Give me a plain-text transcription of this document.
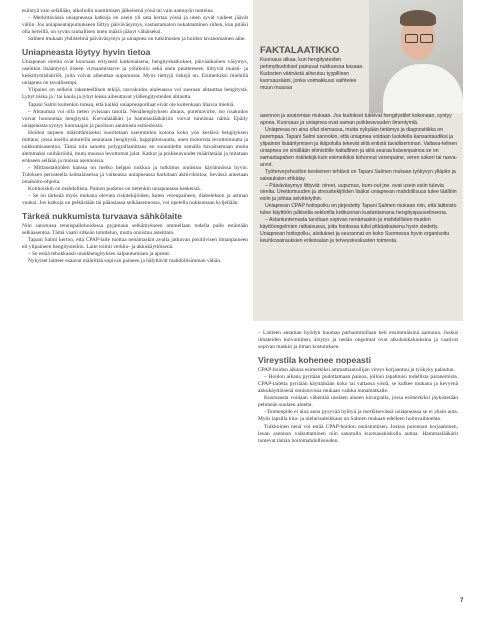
esiintyä vain selällään, alkoholin nauttimisen jälkeisenä yönä tai vain aamuyön tunteina.

– Merkittävässä uniapneassa katkoja on usein yli sata kertaa yössä ja unen syvät vaiheet jäävät väliin. Jos uniapneataipumukseen liittyy päiväväsymys, vastustamaton nukahtaminen siihen, kun pitäisi olla hereillä, on syvän rauhallisen unen määrä jäänyt vähäiseksi.

Salmen mukaan yhdistelmä päiväväsymys ja uniapnea on tutkimusten ja hoidon tavanomainen aihe.

Uniapneasta löytyy hyvin tietoa

Uniapnean oireita ovat kuorsaus eritysesti katkonaisena, hengityskatkokset, päiväaikainen väsymys, useinkin lisääntynyt öiseen virtsaamistarve ja yöhikoilu sekä unen puutteeseen liittyvät muisti- ja keskittymishäiriöt, joita voivat aiheuttaa uupumusta. Myös tiettyjä riskejä on. Esimerkiksi miehillä uniapnea on tavallisempi.

Ylipaino on selkein rakenteellinen tekijä, rasvakudos alaleuassa voi suoraan ahtauttaa hengitystä. Lyhyt niska ja / tai kaula ja lyhyt leuka aiheuttavat ylähengitysteiden ahtautta.

Tapani Salmi kuitenkin toteaa, että kaikki uniapneapotilaat eivät ole kuitenkaan lihavia miehiä.

– Ahtaumaa voi olla tieten yvissaan tasolla. Nenähengityksen ahtaus, puremavirhe, iso risakudos voivat huonontaa hengitystä. Korvalaääkäri ja hammaslääkäriiin voivat tunnistaa nämä. Epäily uniapneasta syntyy kuorsaajan ja puolison antamista esitiedoista.

Hoidon tarpeen määrittämiseksi suoritetaan useimmiten kotona koko yön kestävä hengityksen mittaus, jossa useilla antureilla seurataan hengitystä, happipitoisuutta, unen motorista levottomuutta ja nukkumisasentoa. Tämä niin sanottu polygrafiamittaus on suunniteltu samalla havaitsemaan muita alemmaksi unihäiriöitä, mutu muussa levottomat jalat. Katkot ja poikkeavuudet määritetään ja mitataan erikseen sellään ja muissa asennoissa.

– Mittaustaitoiden kanssa on melko helppo nukkua ja tutkimus onnistuu käytännössä hyvin. Tuloksen perusteella kohtalaisessa ja vaikeassa uniapneassa harkitaan aktiivihoitoa, lievässä annetaan omahoito-ohjeita.

Kotihoiskin on mahdollista. Painon pudotus on tietenkin uniapneassa keskeistä.

– Se on tärkeää myös mukana olevien riskitekijöiden, kuten verenpaineen, diabeteksen ja astman vuoksi. Jos katkoja on pelkästään tai pääasiassa selkäasennossa, voi opetella nukkumaan kyljellään.

Tärkeä nukkumista turvaava sähkölaite

Niin sanotussa tennispallohoidossa pyjamaun selkämykseen ommellaan todella pallo estämään selkäasentoa. Tämä vaatii sitkeän totuttelun, mutta onnistuu asteittain.

Tapani Salmi kertoo, että CPAP-laite tuottaa nenämaskin avulla jatkuvan positiivisen ilmanpaineen eli ylipaineen hengitysteihin. Laite toimii verkko- ja akkukäyttöisenä.

– Se estää tehokkaasti unaikhengityksen salpautumisen ja apneat.

Nykyiset laitteet osaavat määrittää sopivan paineen ja hälyttävät mahdollisimman vähän.

FAKTALAATIKKO

Kuorsaus alkaa, kun hengitysteiden pehmytkudokset painuvat nukkuessa kasaan. Kudosten värinästä aiheutuu tyypillinen kuorsausääni, jonka voimakkuus vaihtelee muun muassa

asennon ja anatomian mukaan. Jos kudokset tukkivat hengitystilet kokonaan, syntyy apnea. Kuorsaus ja uniapnea ovat saman poikkeavuuden ilmentymiä.

Uniapneaa on aina ollut olemassa, mutta nykyään tietämys ja diagnostiikka on parempaa. Tapani Salmi sanookin, että uniapnea voidaan luokitella kansantaudiksi ja ylipainon lisääntymisen ja ikäpolulla tekevät siitä entistä tavallisemman. Valtava-telinen uniapnea on sinällään elimistölle haitallinen ja siitä seuraa lisävenpainoa se on samantapahen riskitekijä kuin esimerkiksi kohonnut verenpaine, veren sokeri tai rasva-arvot.

Työterveyshuollon keskeinen tehtävä on Tapani Salmen mukaan työkyvyn ylläpito ja sairauksien ehkäisy.

– Päiväväsymys liittyvät: oireet, uupumus, burn-out jne. ovat usein esiin tulevia oireita. Unettomuuden ja stressitekijöiden lisäksi uniapnean mahdollisuus tulee täällöin esiin ja johtaa selvittelyihin.

Uniapnean CPAP hoitopolku on järjestetty Tapani Salmen mukaan niin, että laitteisto tulee käyttöön julkisella sektorilla kotikunnan kustantamana hengityspauvelineena.

– Aslantuntemusta tarvitaan sopivan nenämaskin ja mahdollisten muiden käyttöongelmien ratkaisussa, joita hoidossa tulisi pitkäaikaisena hyvin sledetty. Uniapnean hoitopolku, aloitukset ja seurannat on koko Suomessa hyvin organisoitu keuhkosairauksien erikoisalan ja terveyskeskusten toimesta.

– Laitteen antaman hyödyn huomaa parhaimmillaan heti ensimmäisinä aamuina. Joskus ilmateiden kuivuminen, ärsytys ja nenän ongelmat ovat alkuhankaluuksina ja vaativat sopivan maskin ja ilman kostutuksen.

Vireystila kohenee nopeasti

CPAP-hoidon aikana esimerkiksi ammattiautoilijan vireys korjaantuu ja työkyky palautuu.

– Hoidon aikana pyritään pudottamaan painoa, jolloin tapahtuisi todellista paranemista. CPAP-laitetta pyritään käyttämään koko tai valtaosa yöstä, se kulkee mukana ja kevyenä akkukäyttöisenä onnistuvissa mukaan vaikka lomamatkalle.

Kuorsausta voidaan vähentää uuslaen alueen kirurgialla, jossa esimerkiksi jäykistetään pehmeän suulaen aluetta.

–Toimenpide ei aina anna pysyvää hyötyä ja merkitsevässä uniapneassa se ei yksin auta. Myös lapsilla kita- ja nielurisaleikkaus on Salmen mukaan edelleen hoitovaihtoehto.

Tulkkoinen nenä voi estää CPAP-hoidon onnistumisen. Joskus purennan korjaaminen, leuan asennon vaikuttaminen niin sanotulla kuorsauskiskolla auttaa. Hammaslääkärit tuntevat tämän hoitomahdollisuuden.

7
